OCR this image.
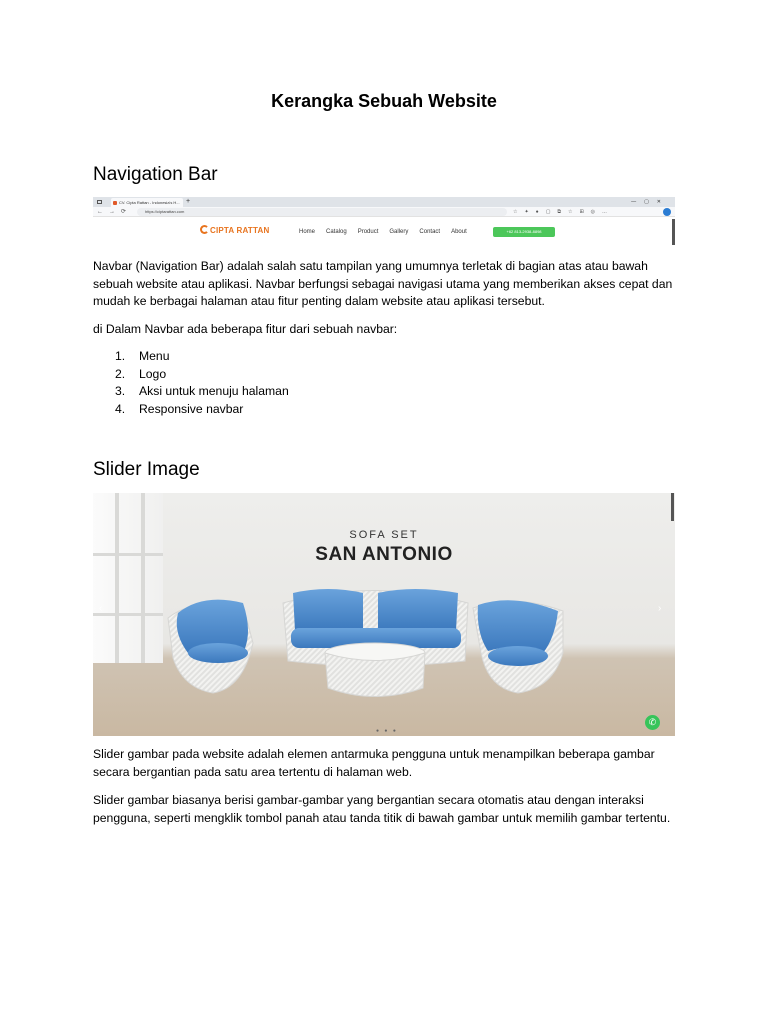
Kerangka Sebuah Website
Navigation Bar
CV. Cipta Rattan - Indonesia's H... +	—▢✕
←→⟳	https://ciptarattan.com	☆✦●▢⧉☆⊞◎…
CIPTA RATTAN	Home Catalog Product Gallery Contact About	+62 813-2938-8898
Navbar (Navigation Bar) adalah salah satu tampilan yang umumnya terletak di bagian atas atau bawah sebuah website atau aplikasi. Navbar berfungsi sebagai navigasi utama yang memberikan akses cepat dan mudah ke berbagai halaman atau fitur penting dalam website atau aplikasi tersebut.
di Dalam Navbar ada beberapa fitur dari sebuah navbar:
1.	Menu
2.	Logo
3.	Aksi untuk menuju halaman
4.	Responsive navbar
Slider Image
SOFA SET
SAN ANTONIO
‹	›
● ● ●
✆
Slider gambar pada website adalah elemen antarmuka pengguna untuk menampilkan beberapa gambar secara bergantian pada satu area tertentu di halaman web.
Slider gambar biasanya berisi gambar-gambar yang bergantian secara otomatis atau dengan interaksi pengguna, seperti mengklik tombol panah atau tanda titik di bawah gambar untuk memilih gambar tertentu.
